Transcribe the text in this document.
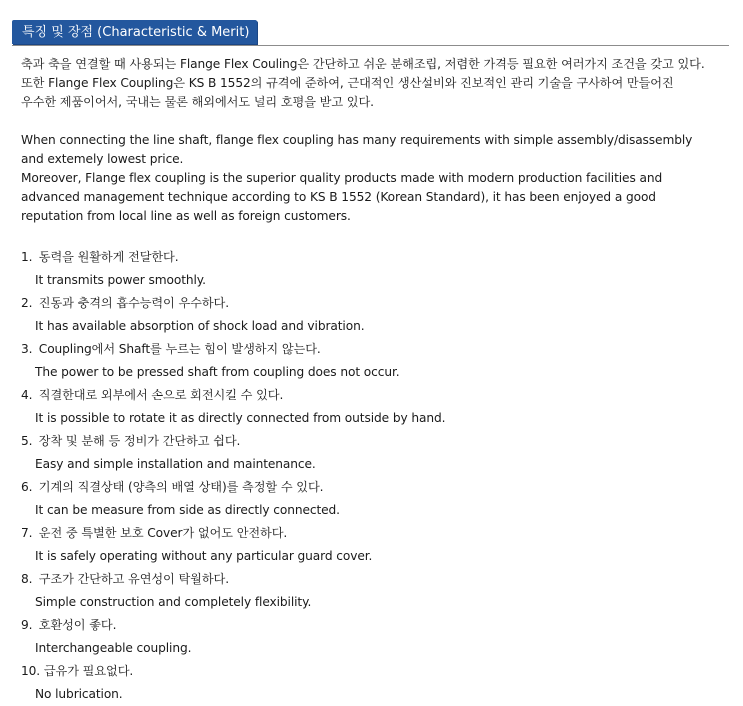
특징 및 장점 (Characteristic & Merit)

축과 축을 연결할 때 사용되는 Flange Flex Couling은 간단하고 쉬운 분해조립, 저렴한 가격등 필요한 여러가지 조건을 갖고 있다.

또한 Flange Flex Coupling은 KS B 1552의 규격에 준하여, 근대적인 생산설비와 진보적인 관리 기술을 구사하여 만들어진

우수한 제품이어서, 국내는 물론 해외에서도 널리 호평을 받고 있다.

When connecting the line shaft, flange flex coupling has many requirements with simple assembly/disassembly

and extemely lowest price.

Moreover, Flange flex coupling is the superior quality products made with modern production facilities and

advanced management technique according to KS B 1552 (Korean Standard), it has been enjoyed a good

reputation from local line as well as foreign customers.

1. 동력을 원활하게 전달한다.
It transmits power smoothly.
2. 진동과 충격의 흡수능력이 우수하다.
It has available absorption of shock load and vibration.
3. Coupling에서 Shaft를 누르는 힘이 발생하지 않는다.
The power to be pressed shaft from coupling does not occur.
4. 직결한대로 외부에서 손으로 회전시킬 수 있다.
It is possible to rotate it as directly connected from outside by hand.
5. 장착 및 분해 등 정비가 간단하고 쉽다.
Easy and simple installation and maintenance.
6. 기계의 직결상태 (양측의 배열 상태)를 측정할 수 있다.
It can be measure from side as directly connected.
7. 운전 중 특별한 보호 Cover가 없어도 안전하다.
It is safely operating without any particular guard cover.
8. 구조가 간단하고 유연성이 탁월하다.
Simple construction and completely flexibility.
9. 호환성이 좋다.
Interchangeable coupling.
10. 급유가 필요없다.
No lubrication.
